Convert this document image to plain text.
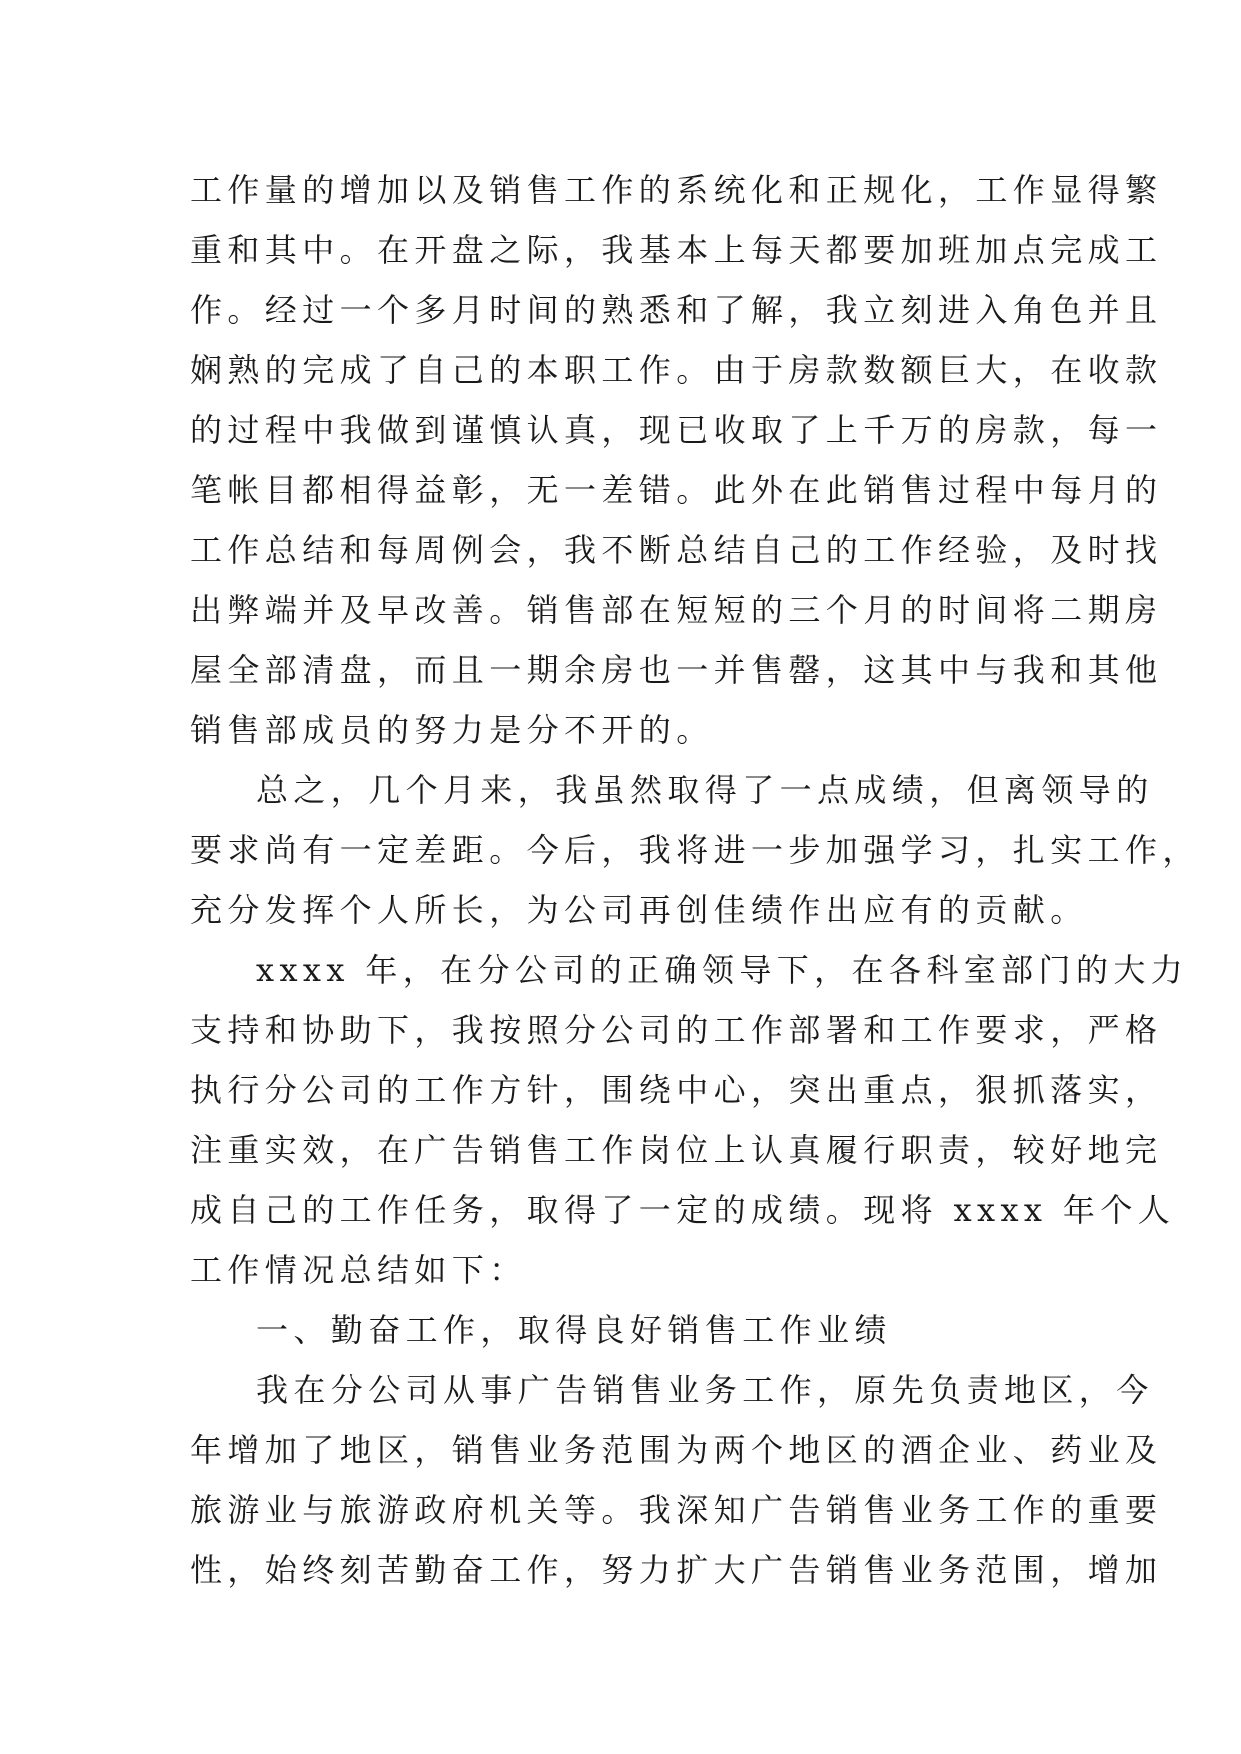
工作量的增加以及销售工作的系统化和正规化，工作显得繁
重和其中。在开盘之际，我基本上每天都要加班加点完成工
作。经过一个多月时间的熟悉和了解，我立刻进入角色并且
娴熟的完成了自己的本职工作。由于房款数额巨大，在收款
的过程中我做到谨慎认真，现已收取了上千万的房款，每一
笔帐目都相得益彰，无一差错。此外在此销售过程中每月的
工作总结和每周例会，我不断总结自己的工作经验，及时找
出弊端并及早改善。销售部在短短的三个月的时间将二期房
屋全部清盘，而且一期余房也一并售罄，这其中与我和其他
销售部成员的努力是分不开的。
总之，几个月来，我虽然取得了一点成绩，但离领导的
要求尚有一定差距。今后，我将进一步加强学习，扎实工作，
充分发挥个人所长，为公司再创佳绩作出应有的贡献。
xxxx 年，在分公司的正确领导下，在各科室部门的大力
支持和协助下，我按照分公司的工作部署和工作要求，严格
执行分公司的工作方针，围绕中心，突出重点，狠抓落实，
注重实效，在广告销售工作岗位上认真履行职责，较好地完
成自己的工作任务，取得了一定的成绩。现将 xxxx 年个人
工作情况总结如下：
一、勤奋工作，取得良好销售工作业绩
我在分公司从事广告销售业务工作，原先负责地区，今
年增加了地区，销售业务范围为两个地区的酒企业、药业及
旅游业与旅游政府机关等。我深知广告销售业务工作的重要
性，始终刻苦勤奋工作，努力扩大广告销售业务范围，增加
